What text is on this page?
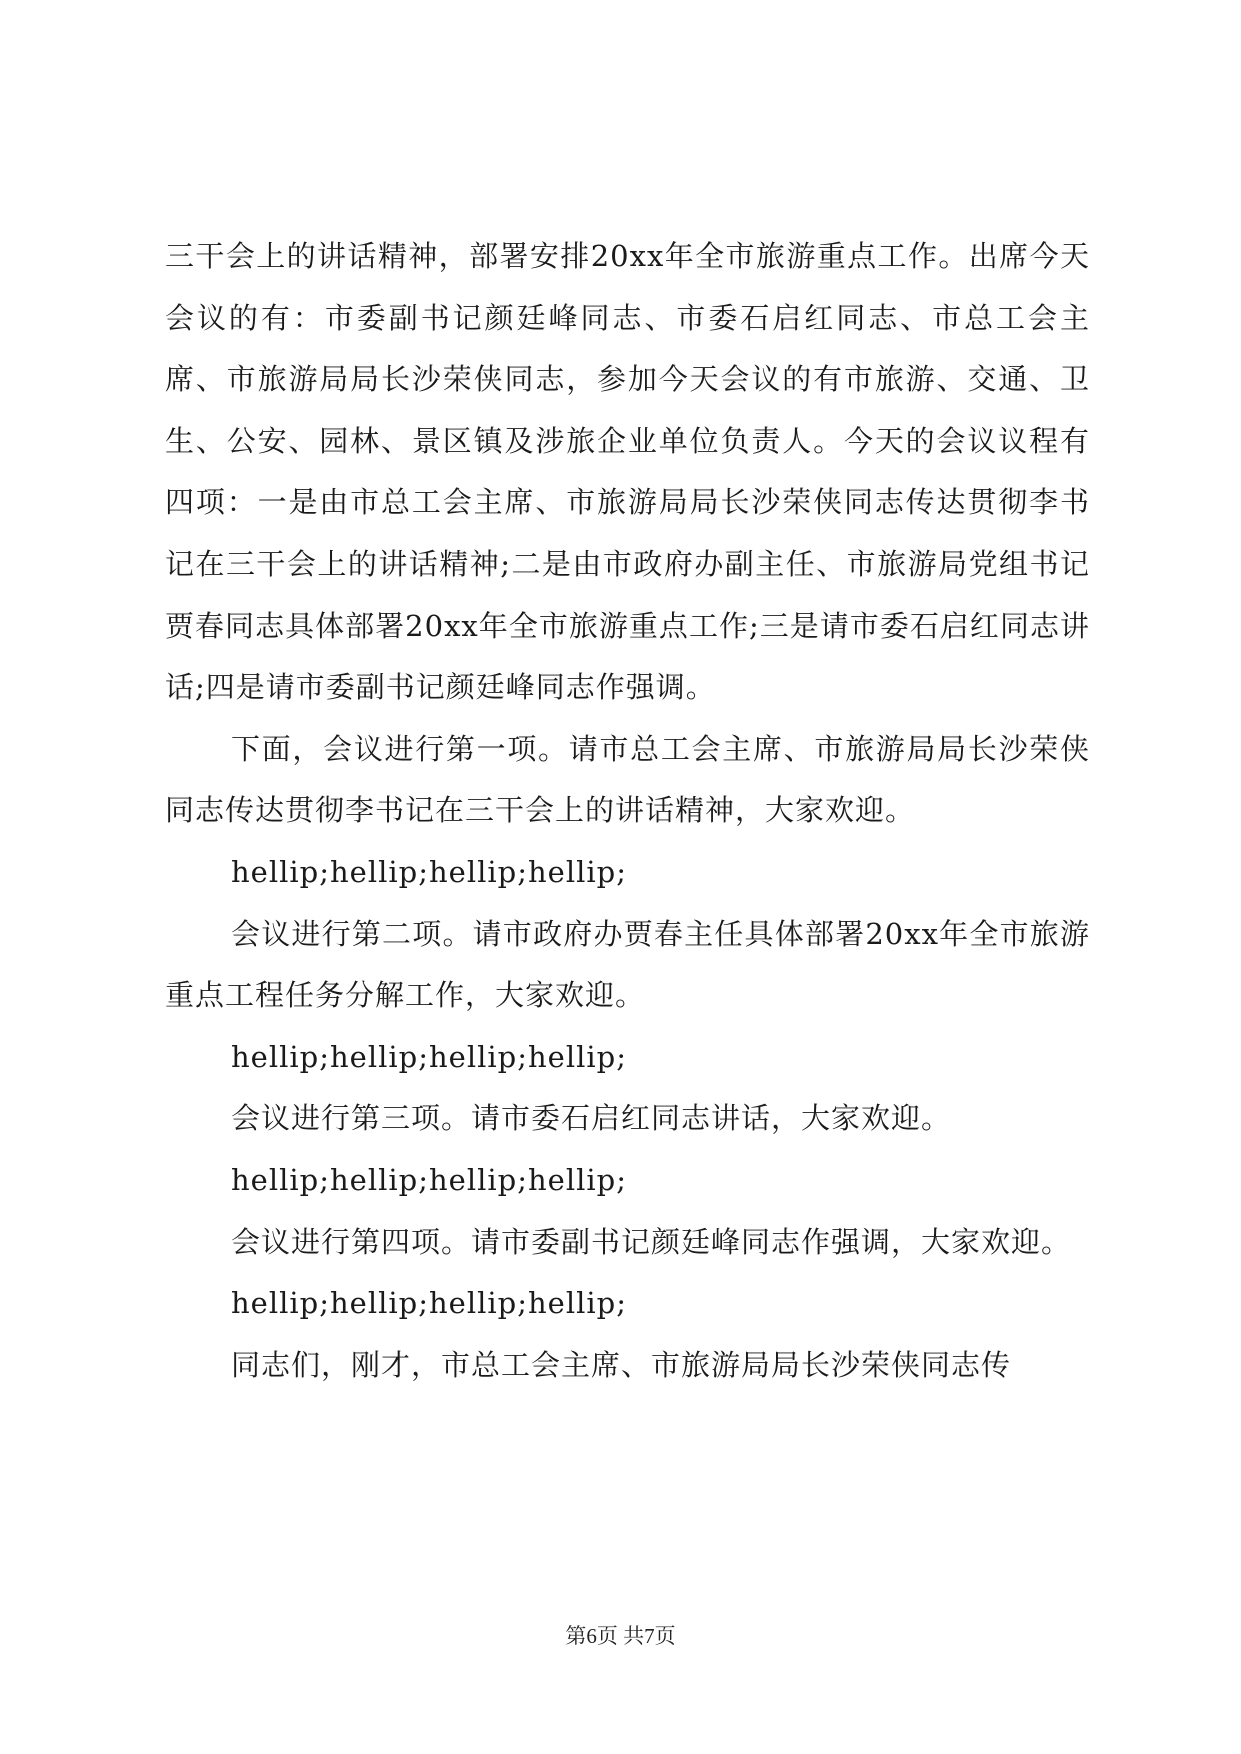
三干会上的讲话精神，部署安排20xx年全市旅游重点工作。出席今天会议的有：市委副书记颜廷峰同志、市委石启红同志、市总工会主席、市旅游局局长沙荣侠同志，参加今天会议的有市旅游、交通、卫生、公安、园林、景区镇及涉旅企业单位负责人。今天的会议议程有四项：一是由市总工会主席、市旅游局局长沙荣侠同志传达贯彻李书记在三干会上的讲话精神;二是由市政府办副主任、市旅游局党组书记贾春同志具体部署20xx年全市旅游重点工作;三是请市委石启红同志讲话;四是请市委副书记颜廷峰同志作强调。

下面，会议进行第一项。请市总工会主席、市旅游局局长沙荣侠同志传达贯彻李书记在三干会上的讲话精神，大家欢迎。

hellip;hellip;hellip;hellip;

会议进行第二项。请市政府办贾春主任具体部署20xx年全市旅游重点工程任务分解工作，大家欢迎。

hellip;hellip;hellip;hellip;

会议进行第三项。请市委石启红同志讲话，大家欢迎。

hellip;hellip;hellip;hellip;

会议进行第四项。请市委副书记颜廷峰同志作强调，大家欢迎。

hellip;hellip;hellip;hellip;

同志们，刚才，市总工会主席、市旅游局局长沙荣侠同志传

第6页 共7页
